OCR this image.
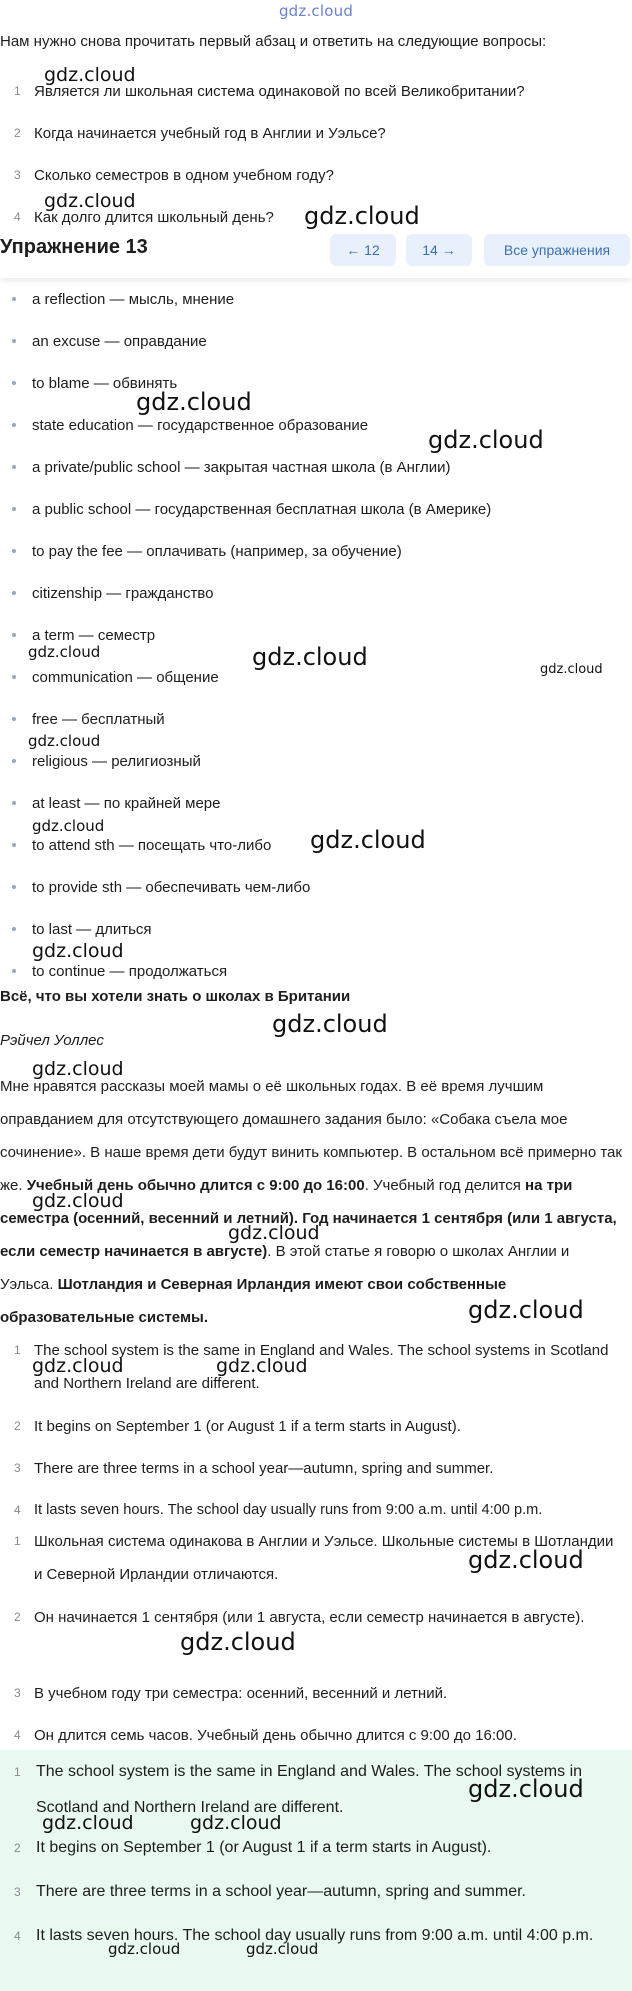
gdz.cloud
Нам нужно снова прочитать первый абзац и ответить на следующие вопросы:
1 Является ли школьная система одинаковой по всей Великобритании?
2 Когда начинается учебный год в Англии и Уэльсе?
3 Сколько семестров в одном учебном году?
4 Как долго длится школьный день?
Упражнение 13	← 12	14 →	Все упражнения
a reflection — мысль, мнение
an excuse — оправдание
to blame — обвинять
state education — государственное образование
a private/public school — закрытая частная школа (в Англии)
a public school — государственная бесплатная школа (в Америке)
to pay the fee — оплачивать (например, за обучение)
citizenship — гражданство
a term — семестр
communication — общение
free — бесплатный
religious — религиозный
at least — по крайней мере
to attend sth — посещать что-либо
to provide sth — обеспечивать чем-либо
to last — длиться
to continue — продолжаться
Всё, что вы хотели знать о школах в Британии
Рэйчел Уоллес
Мне нравятся рассказы моей мамы о её школьных годах. В её время лучшим оправданием для отсутствующего домашнего задания было: «Собака съела мое сочинение». В наше время дети будут винить компьютер. В остальном всё примерно так же. Учебный день обычно длится с 9:00 до 16:00. Учебный год делится на три семестра (осенний, весенний и летний). Год начинается 1 сентября (или 1 августа, если семестр начинается в августе). В этой статье я говорю о школах Англии и Уэльса. Шотландия и Северная Ирландия имеют свои собственные образовательные системы.
1 The school system is the same in England and Wales. The school systems in Scotland and Northern Ireland are different.
2 It begins on September 1 (or August 1 if a term starts in August).
3 There are three terms in a school year—autumn, spring and summer.
4 It lasts seven hours. The school day usually runs from 9:00 a.m. until 4:00 p.m.
1 Школьная система одинакова в Англии и Уэльсе. Школьные системы в Шотландии и Северной Ирландии отличаются.
2 Он начинается 1 сентября (или 1 августа, если семестр начинается в августе).
3 В учебном году три семестра: осенний, весенний и летний.
4 Он длится семь часов. Учебный день обычно длится с 9:00 до 16:00.
1 The school system is the same in England and Wales. The school systems in Scotland and Northern Ireland are different.
2 It begins on September 1 (or August 1 if a term starts in August).
3 There are three terms in a school year—autumn, spring and summer.
4 It lasts seven hours. The school day usually runs from 9:00 a.m. until 4:00 p.m.
gdz.cloud
gdz.cloud
gdz.cloud
gdz.cloud
gdz.cloud
gdz.cloud	gdz.cloud	gdz.cloud
gdz.cloud
gdz.cloud	gdz.cloud
gdz.cloud
gdz.cloud
gdz.cloud
gdz.cloud
gdz.cloud
gdz.cloud
gdz.cloud	gdz.cloud
gdz.cloud
gdz.cloud
gdz.cloud
gdz.cloud	gdz.cloud
gdz.cloud	gdz.cloud
